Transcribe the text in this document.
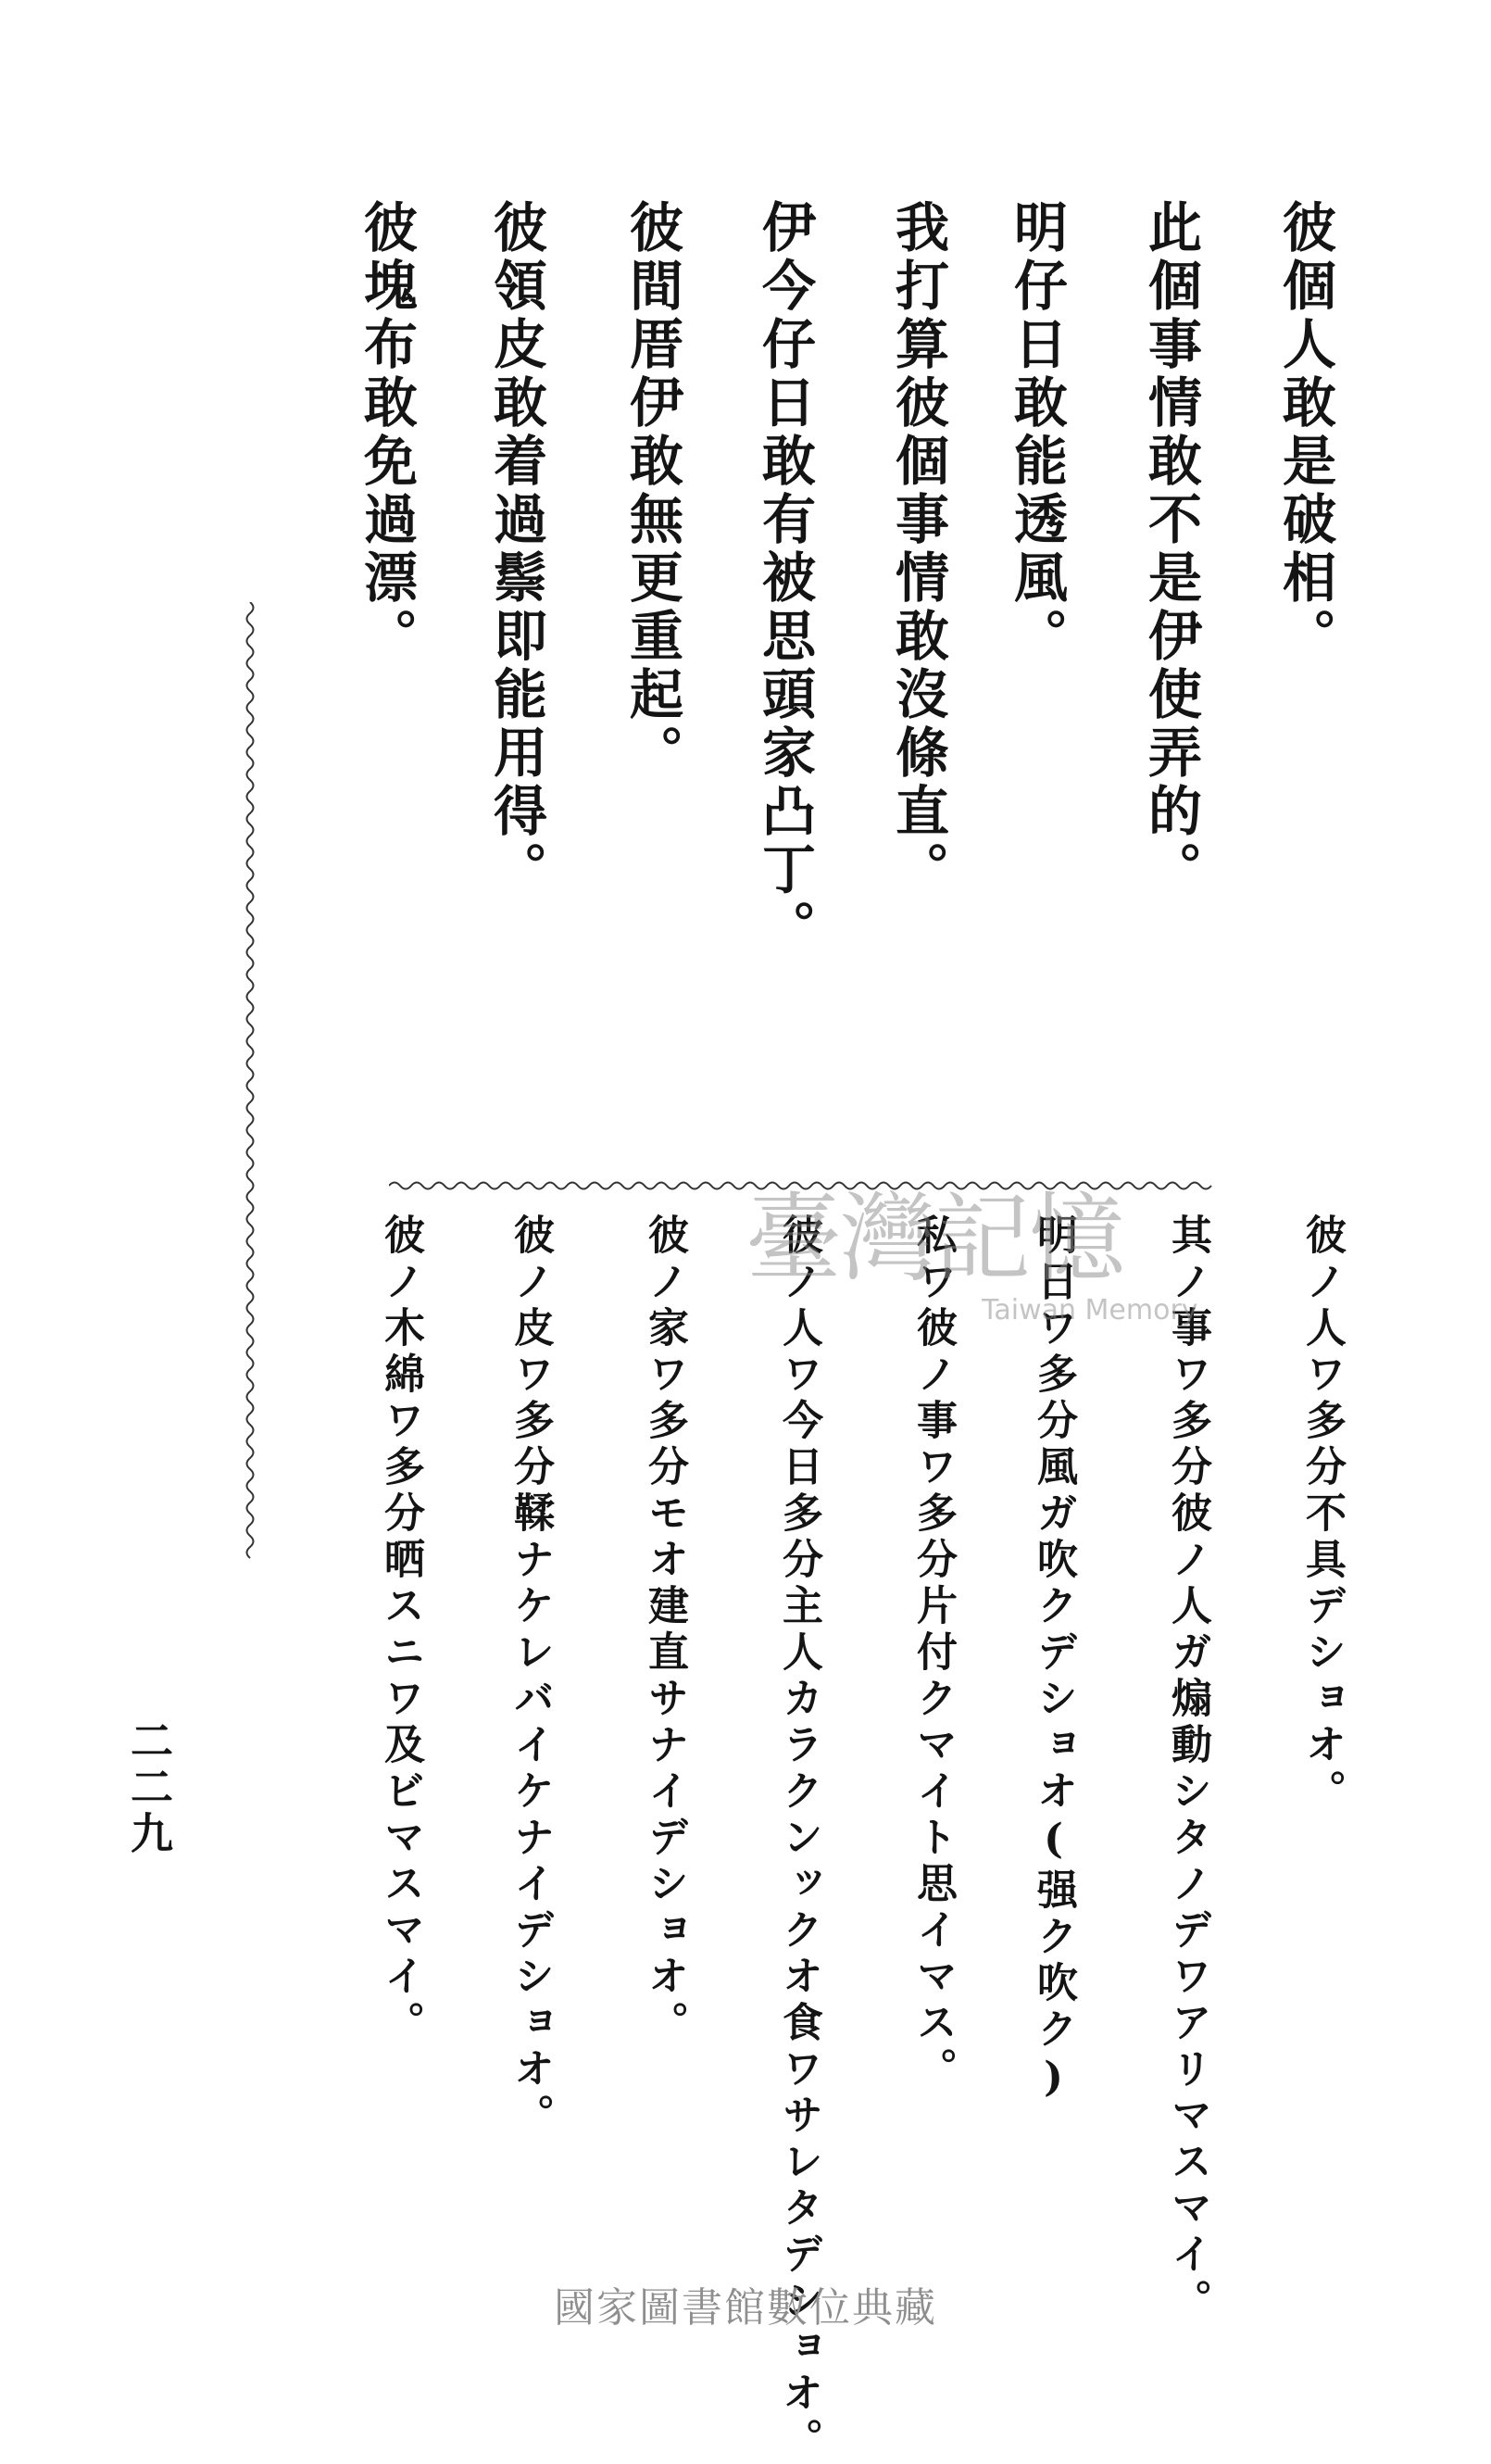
彼個人敢是破相。
此個事情敢不是伊使弄的。
明仔日敢能透風。
我打算彼個事情敢沒條直。
伊今仔日敢有被思頭家凸丁。
彼間厝伊敢無更重起。
彼領皮敢着過鬃即能用得。
彼塊布敢免過漂。
彼ノ人ワ多分不具デショオ。
其ノ事ワ多分彼ノ人ガ煽動シタノデワアリマスマイ。
明日ワ多分風ガ吹クデショオ(强ク吹ク)
私ワ彼ノ事ワ多分片付クマイト思イマス。
彼ノ人ワ今日多分主人カラクンックオ食ワサレタデショオ。
彼ノ家ワ多分モオ建直サナイデショオ。
彼ノ皮ワ多分鞣ナケレバイケナイデショオ。
彼ノ木綿ワ多分晒スニワ及ビマスマイ。
二二九
臺灣記憶
Taiwan Memory
國家圖書館數位典藏
